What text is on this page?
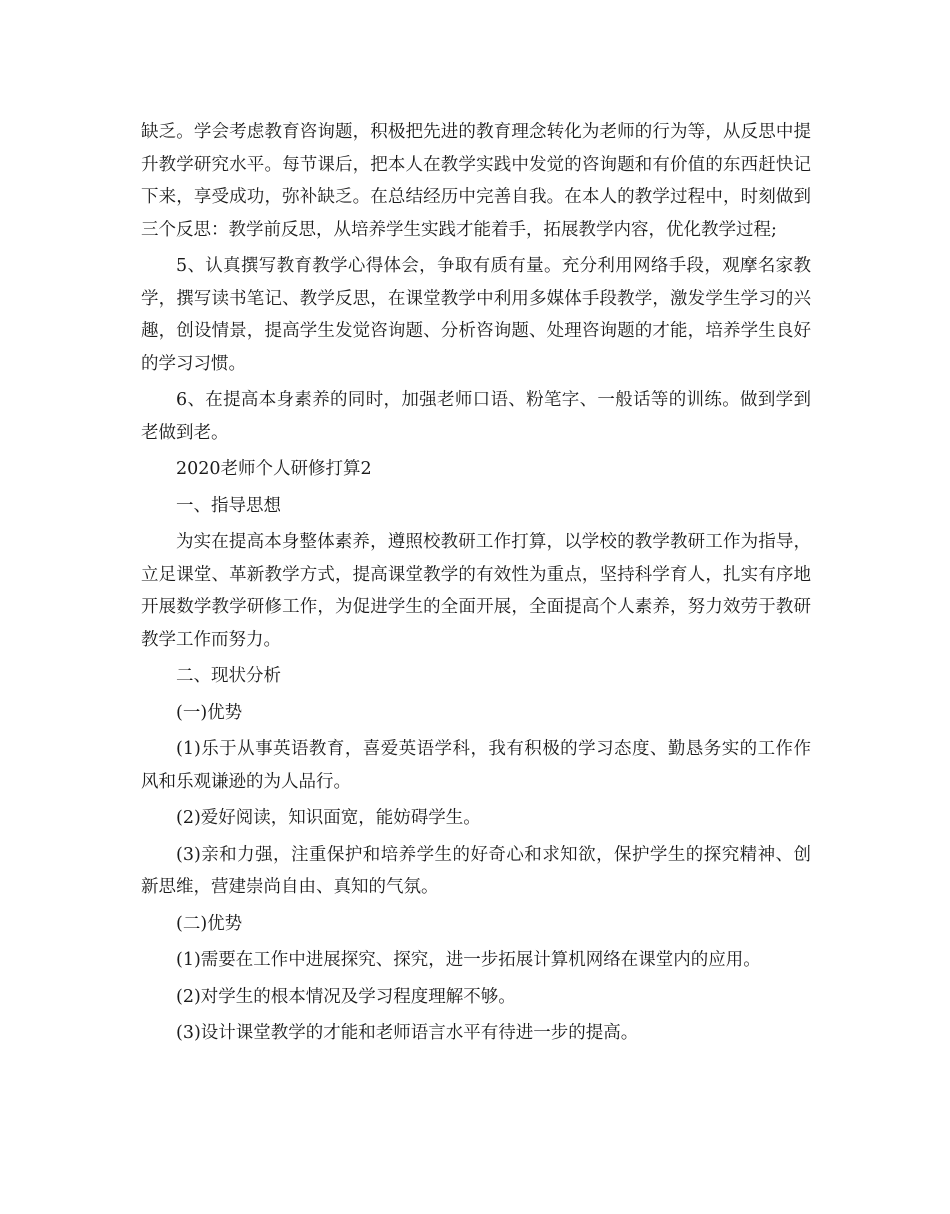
缺乏。学会考虑教育咨询题，积极把先进的教育理念转化为老师的行为等，从反思中提升教学研究水平。每节课后，把本人在教学实践中发觉的咨询题和有价值的东西赶快记下来，享受成功，弥补缺乏。在总结经历中完善自我。在本人的教学过程中，时刻做到三个反思：教学前反思，从培养学生实践才能着手，拓展教学内容，优化教学过程;

5、认真撰写教育教学心得体会，争取有质有量。充分利用网络手段，观摩名家教学，撰写读书笔记、教学反思，在课堂教学中利用多媒体手段教学，激发学生学习的兴趣，创设情景，提高学生发觉咨询题、分析咨询题、处理咨询题的才能，培养学生良好的学习习惯。

6、在提高本身素养的同时，加强老师口语、粉笔字、一般话等的训练。做到学到老做到老。

2020老师个人研修打算2

一、指导思想

为实在提高本身整体素养，遵照校教研工作打算，以学校的教学教研工作为指导，立足课堂、革新教学方式，提高课堂教学的有效性为重点，坚持科学育人，扎实有序地开展数学教学研修工作，为促进学生的全面开展，全面提高个人素养，努力效劳于教研教学工作而努力。

二、现状分析

(一)优势

(1)乐于从事英语教育，喜爱英语学科，我有积极的学习态度、勤恳务实的工作作风和乐观谦逊的为人品行。

(2)爱好阅读，知识面宽，能妨碍学生。

(3)亲和力强，注重保护和培养学生的好奇心和求知欲，保护学生的探究精神、创新思维，营建崇尚自由、真知的气氛。

(二)优势

(1)需要在工作中进展探究、探究，进一步拓展计算机网络在课堂内的应用。

(2)对学生的根本情况及学习程度理解不够。

(3)设计课堂教学的才能和老师语言水平有待进一步的提高。
